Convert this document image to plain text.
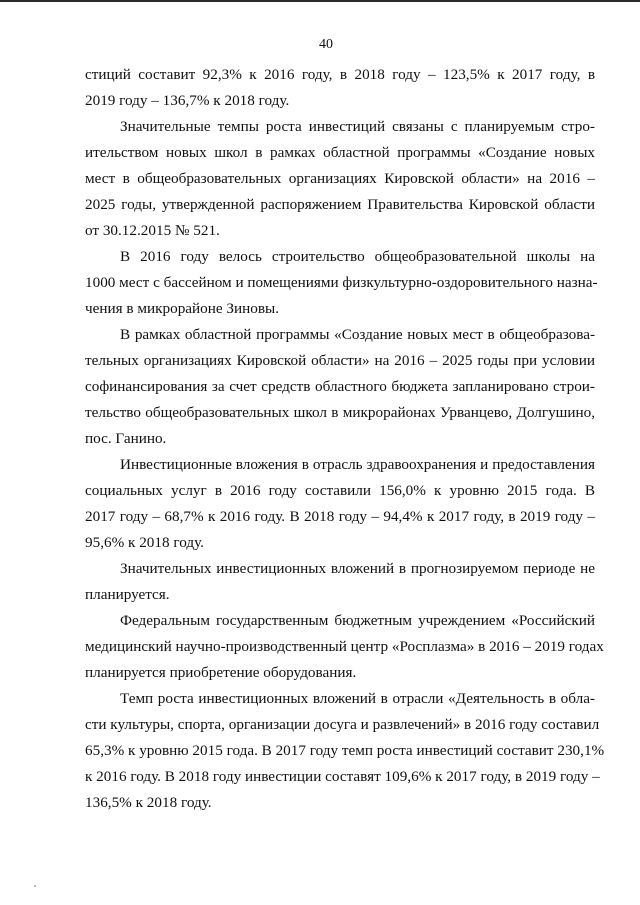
40
стиций составит 92,3% к 2016 году, в 2018 году – 123,5% к 2017 году, в
2019 году – 136,7% к 2018 году.
Значительные темпы роста инвестиций связаны с планируемым стро-
ительством новых школ в рамках областной программы «Создание новых
мест в общеобразовательных организациях Кировской области» на 2016 –
2025 годы, утвержденной распоряжением Правительства Кировской области
от 30.12.2015 № 521.
В 2016 году велось строительство общеобразовательной школы на
1000 мест с бассейном и помещениями физкультурно-оздоровительного назна-
чения в микрорайоне Зиновы.
В рамках областной программы «Создание новых мест в общеобразова-
тельных организациях Кировской области» на 2016 – 2025 годы при условии
софинансирования за счет средств областного бюджета запланировано строи-
тельство общеобразовательных школ в микрорайонах Урванцево, Долгушино,
пос. Ганино.
Инвестиционные вложения в отрасль здравоохранения и предоставления
социальных услуг в 2016 году составили 156,0% к уровню 2015 года. В
2017 году – 68,7% к 2016 году. В 2018 году – 94,4% к 2017 году, в 2019 году –
95,6% к 2018 году.
Значительных инвестиционных вложений в прогнозируемом периоде не
планируется.
Федеральным государственным бюджетным учреждением «Российский
медицинский научно-производственный центр «Росплазма» в 2016 – 2019 годах
планируется приобретение оборудования.
Темп роста инвестиционных вложений в отрасли «Деятельность в обла-
сти культуры, спорта, организации досуга и развлечений» в 2016 году составил
65,3% к уровню 2015 года. В 2017 году темп роста инвестиций составит 230,1%
к 2016 году. В 2018 году инвестиции составят 109,6% к 2017 году, в 2019 году –
136,5% к 2018 году.
